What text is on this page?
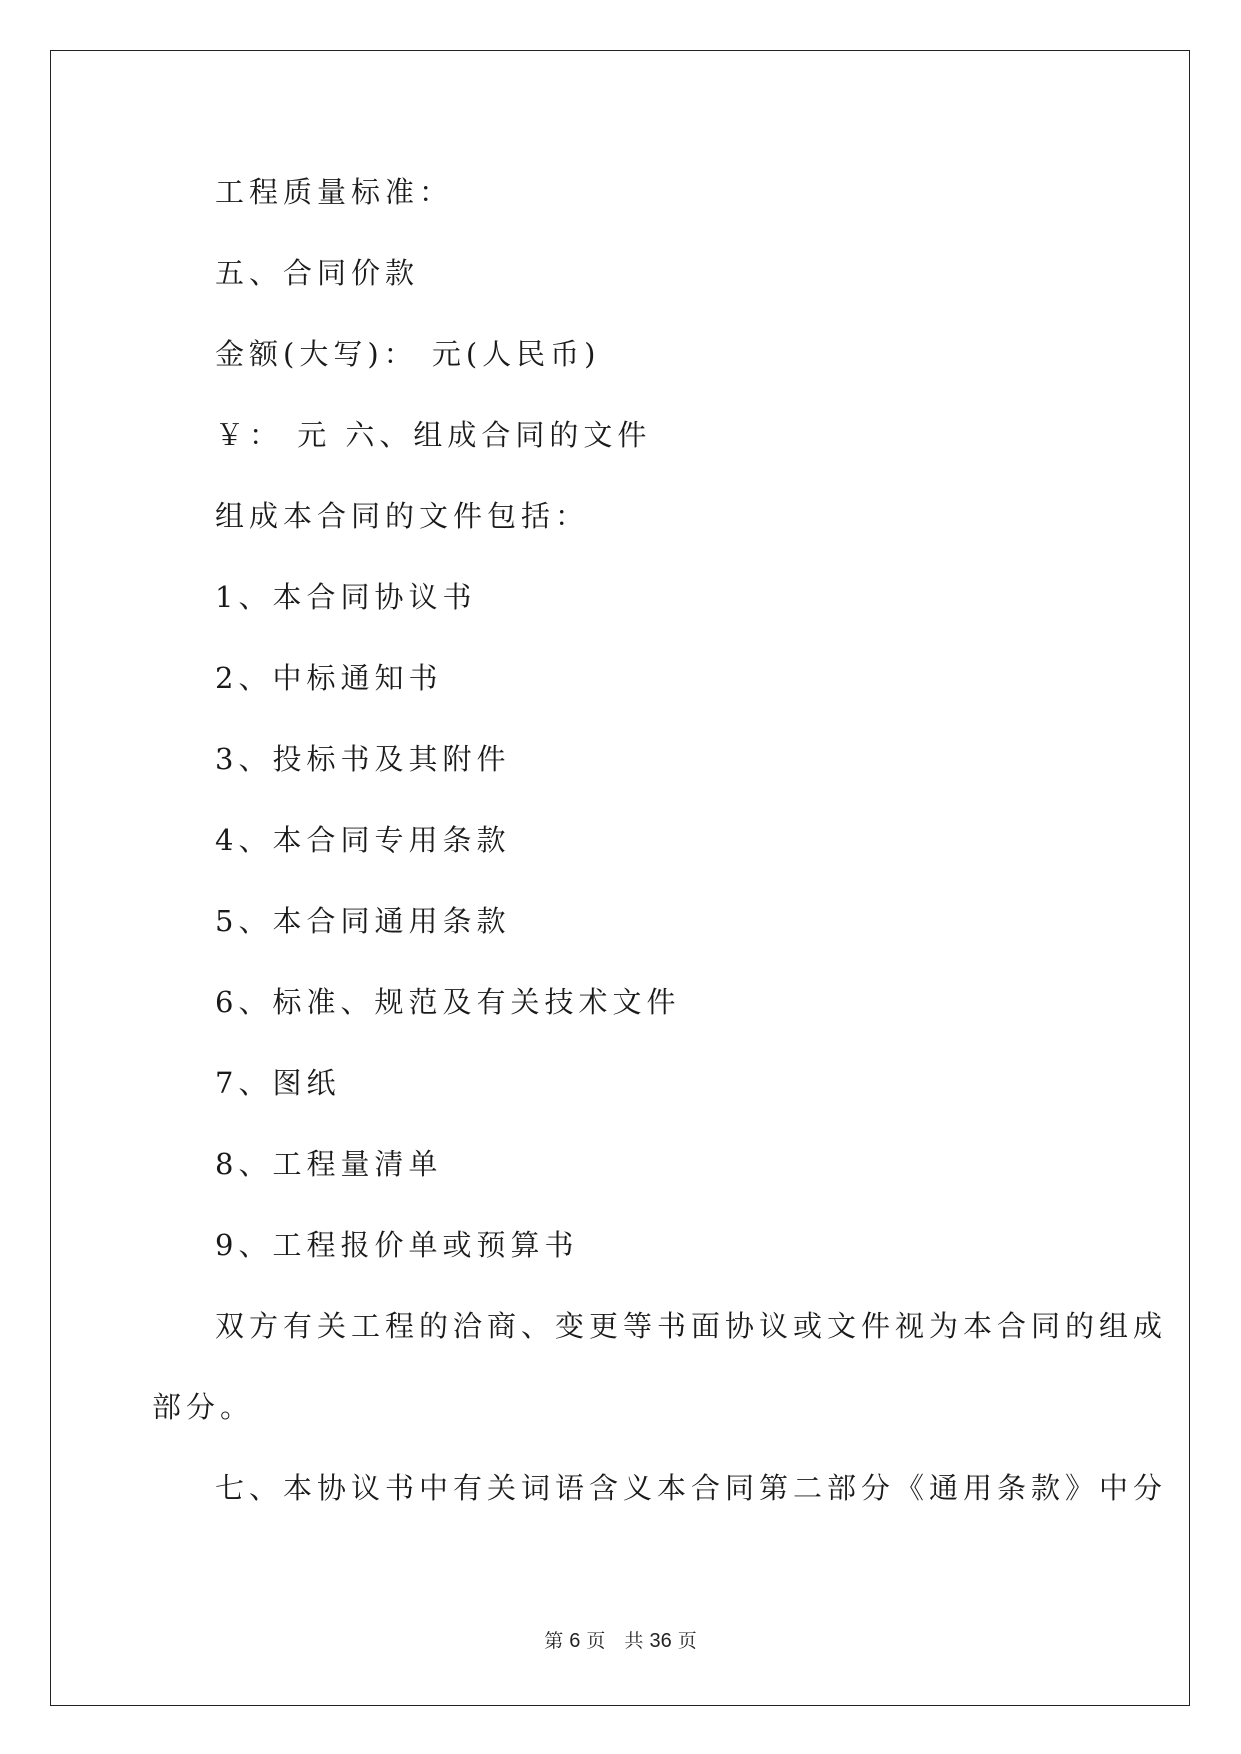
工程质量标准：
五、合同价款
金额(大写)： 元(人民币)
￥： 元 六、组成合同的文件
组成本合同的文件包括：
1、本合同协议书
2、中标通知书
3、投标书及其附件
4、本合同专用条款
5、本合同通用条款
6、标准、规范及有关技术文件
7、图纸
8、工程量清单
9、工程报价单或预算书
双方有关工程的洽商、变更等书面协议或文件视为本合同的组成
部分。
七、本协议书中有关词语含义本合同第二部分《通用条款》中分
第 6 页　共 36 页
